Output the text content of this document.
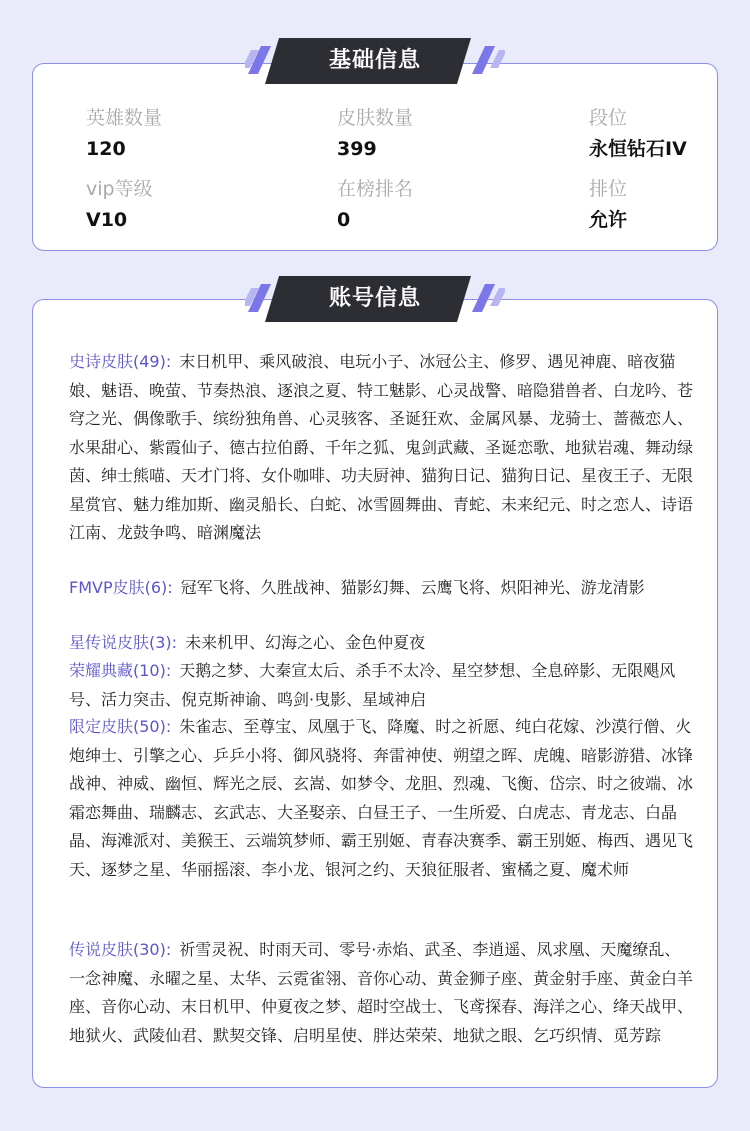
英雄数量
120
皮肤数量
399
段位
永恒钻石IV
vip等级
V10
在榜排名
0
排位
允许
史诗皮肤(49): 末日机甲、乘风破浪、电玩小子、冰冠公主、修罗、遇见神鹿、暗夜猫娘、魅语、晚萤、节奏热浪、逐浪之夏、特工魅影、心灵战警、暗隐猎兽者、白龙吟、苍穹之光、偶像歌手、缤纷独角兽、心灵骇客、圣诞狂欢、金属风暴、龙骑士、蔷薇恋人、水果甜心、紫霞仙子、德古拉伯爵、千年之狐、鬼剑武藏、圣诞恋歌、地狱岩魂、舞动绿茵、绅士熊喵、天才门将、女仆咖啡、功夫厨神、猫狗日记、猫狗日记、星夜王子、无限星赏官、魅力维加斯、幽灵船长、白蛇、冰雪圆舞曲、青蛇、未来纪元、时之恋人、诗语江南、龙鼓争鸣、暗渊魔法
FMVP皮肤(6): 冠军飞将、久胜战神、猫影幻舞、云鹰飞将、炽阳神光、游龙清影
星传说皮肤(3): 未来机甲、幻海之心、金色仲夏夜
荣耀典藏(10): 天鹅之梦、大秦宣太后、杀手不太冷、星空梦想、全息碎影、无限飓风号、活力突击、倪克斯神谕、鸣剑·曳影、星域神启
限定皮肤(50): 朱雀志、至尊宝、凤凰于飞、降魔、时之祈愿、纯白花嫁、沙漠行僧、火炮绅士、引擎之心、乒乒小将、御风骁将、奔雷神使、朔望之晖、虎魄、暗影游猎、冰锋战神、神威、幽恒、辉光之辰、玄嵩、如梦令、龙胆、烈魂、飞衡、岱宗、时之彼端、冰霜恋舞曲、瑞麟志、玄武志、大圣娶亲、白昼王子、一生所爱、白虎志、青龙志、白晶晶、海滩派对、美猴王、云端筑梦师、霸王别姬、青春决赛季、霸王别姬、梅西、遇见飞天、逐梦之星、华丽摇滚、李小龙、银河之约、天狼征服者、蜜橘之夏、魔术师
传说皮肤(30): 祈雪灵祝、时雨天司、零号·赤焰、武圣、李逍遥、凤求凰、天魔缭乱、一念神魔、永曜之星、太华、云霓雀翎、音你心动、黄金狮子座、黄金射手座、黄金白羊座、音你心动、末日机甲、仲夏夜之梦、超时空战士、飞鸢探春、海洋之心、绛天战甲、地狱火、武陵仙君、默契交锋、启明星使、胖达荣荣、地狱之眼、乞巧织情、觅芳踪
基础信息
账号信息
